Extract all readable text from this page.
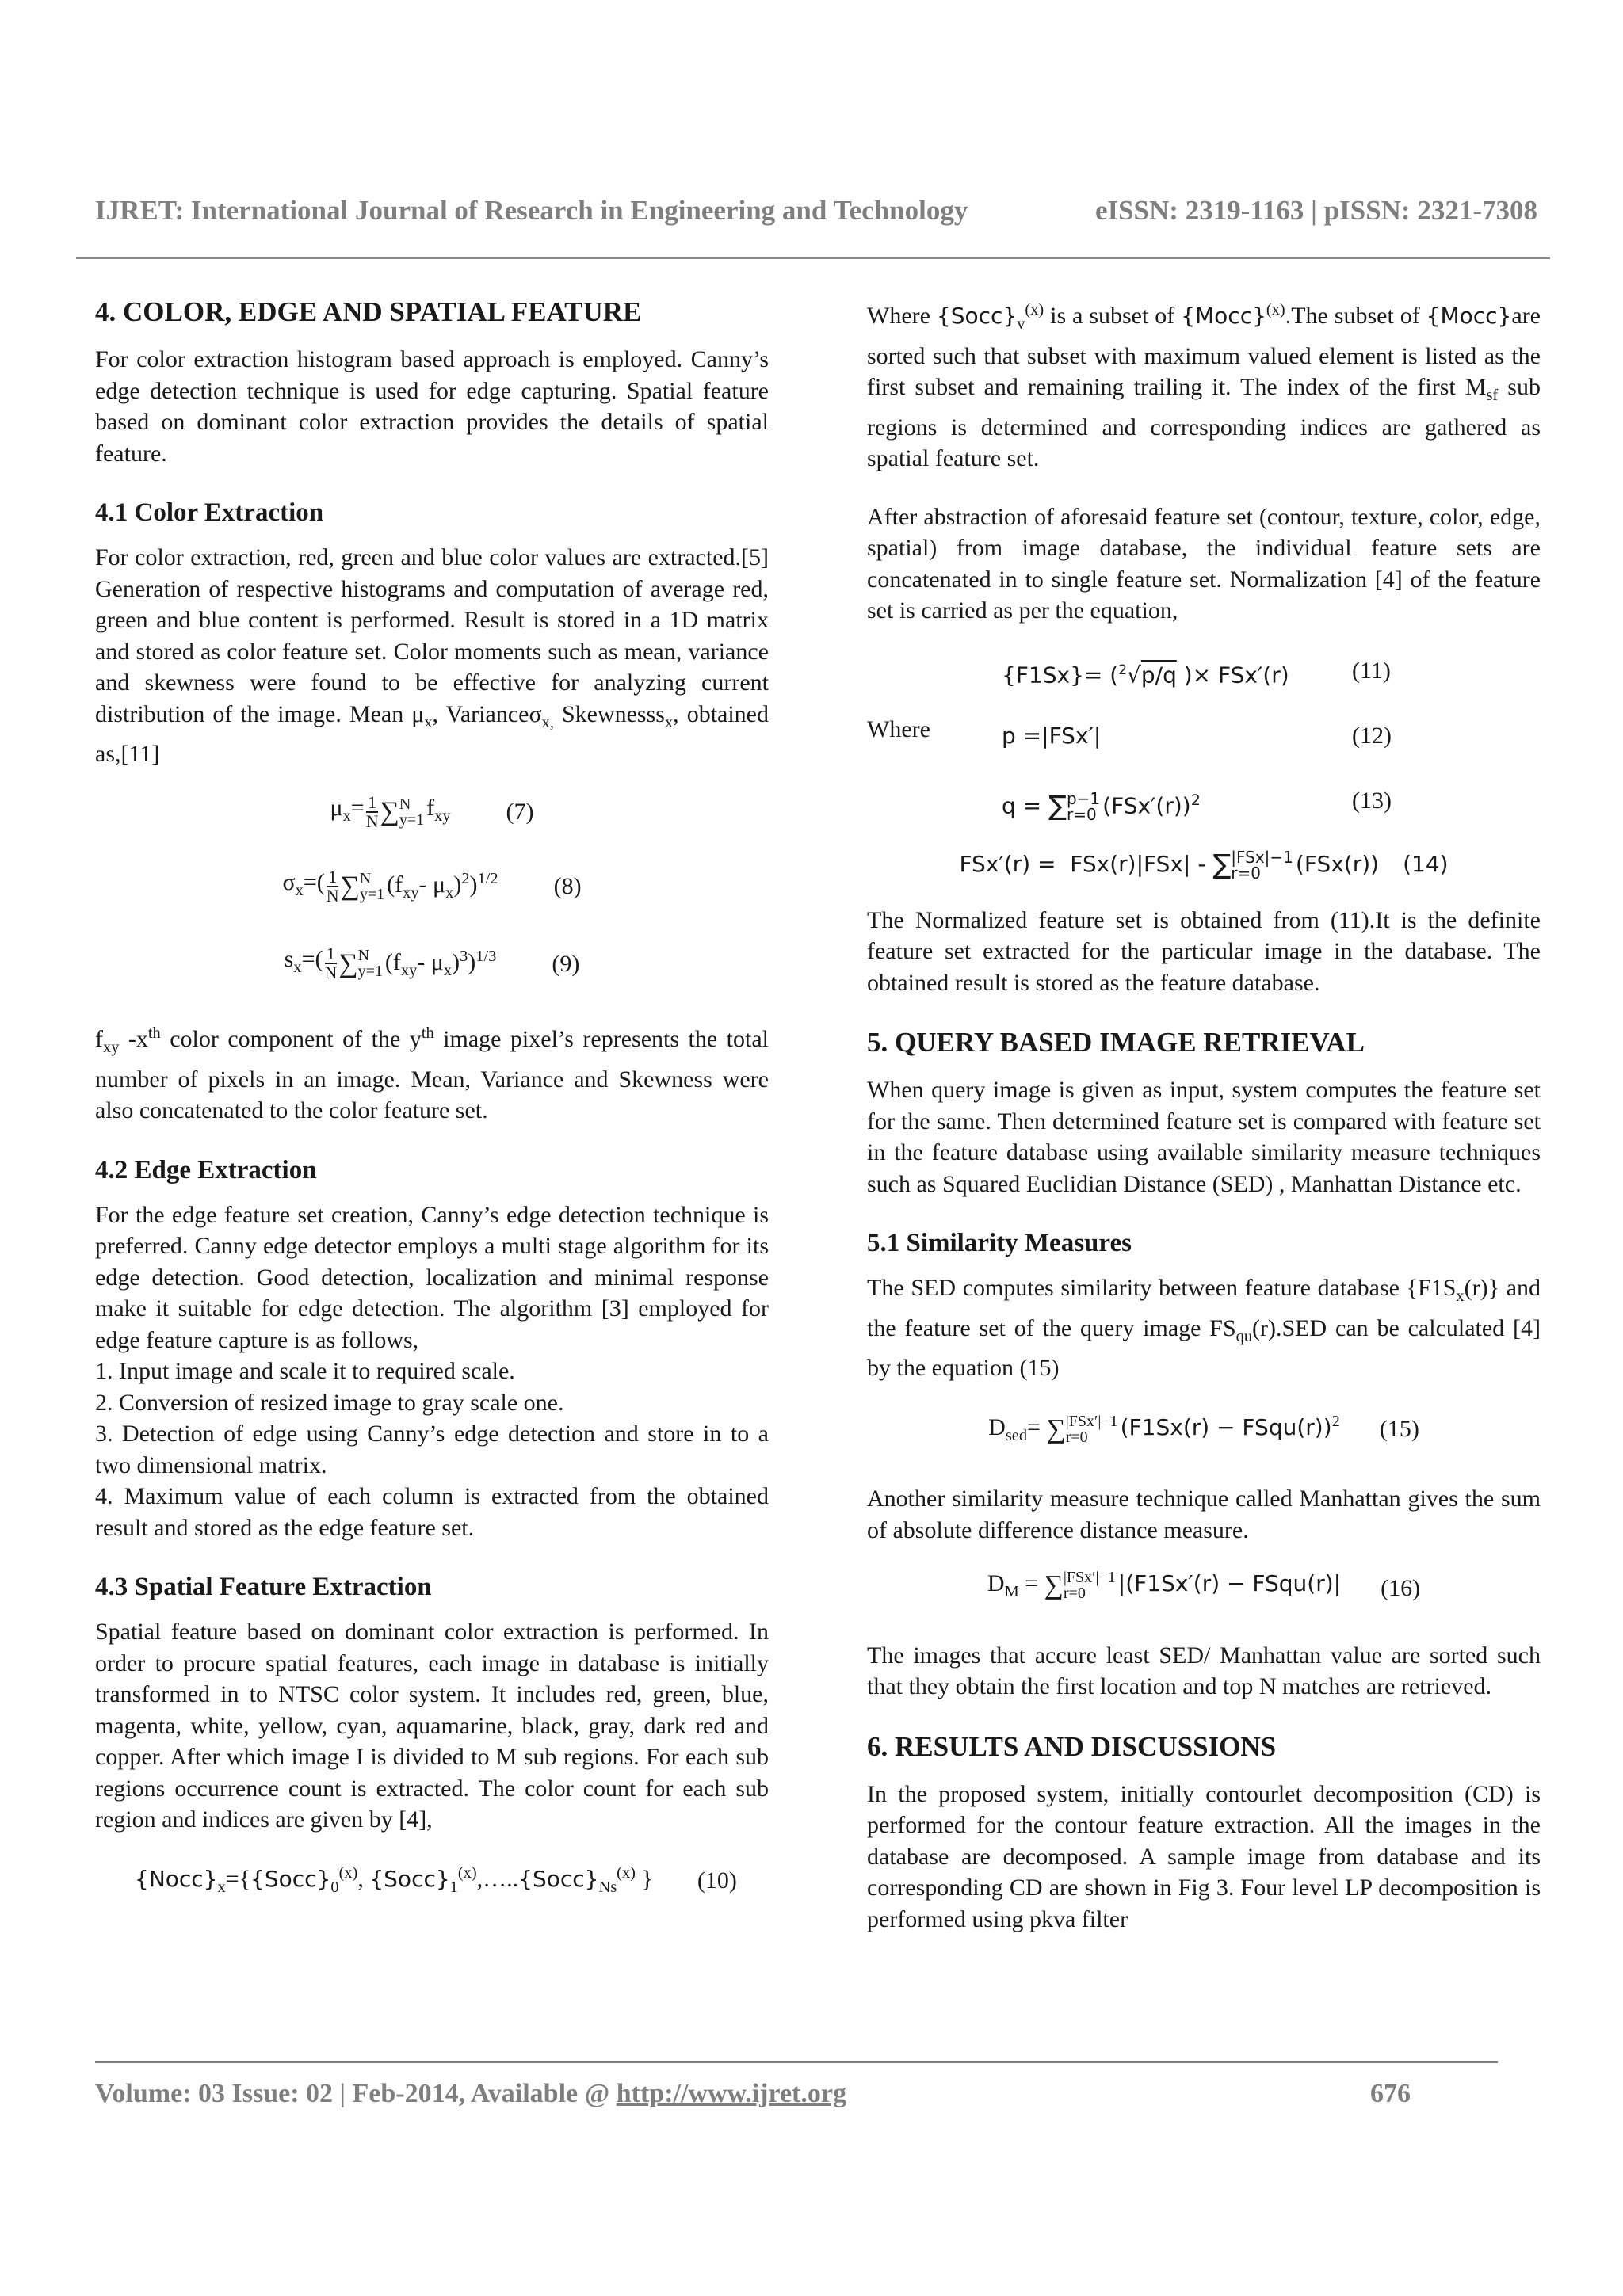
IJRET: International Journal of Research in Engineering and Technology	eISSN: 2319-1163 | pISSN: 2321-7308
4. COLOR, EDGE AND SPATIAL FEATURE

For color extraction histogram based approach is employed. Canny’s edge detection technique is used for edge capturing. Spatial feature based on dominant color extraction provides the details of spatial feature.

4.1 Color Extraction

For color extraction, red, green and blue color values are extracted.[5] Generation of respective histograms and computation of average red, green and blue content is performed. Result is stored in a 1D matrix and stored as color feature set. Color moments such as mean, variance and skewness were found to be effective for analyzing current distribution of the image. Mean $\mu_x$, Varianceσ$_{x,}$ Skewnesss$_x$, obtained as,[11]

$\mu_x= \frac{1}{N}$ ∑ N
y=1 $f_{xy}$ (7)
$\sigma_x=( \frac{1}{N}$ ∑ N
y=1 ($f_{xy}-$ $\mu_x)^2)^{1/2}$ (8)
$s_x=( \frac{1}{N}$ ∑ N
y=1 ($f_{xy}-$ $\mu_x)^3)^{1/3}$ (9)

$f_{xy}$ $-x^{th}$ color component of the $y^{th}$ image pixel’s represents the total number of pixels in an image. Mean, Variance and Skewness were also concatenated to the color feature set.

4.2 Edge Extraction

For the edge feature set creation, Canny’s edge detection technique is preferred. Canny edge detector employs a multi stage algorithm for its edge detection. Good detection, localization and minimal response make it suitable for edge detection. The algorithm [3] employed for edge feature capture is as follows,

1. Input image and scale it to required scale.
2. Conversion of resized image to gray scale one.
3. Detection of edge using Canny’s edge detection and store in to a two dimensional matrix.
4. Maximum value of each column is extracted from the obtained result and stored as the edge feature set.
4.3 Spatial Feature Extraction

Spatial feature based on dominant color extraction is performed. In order to procure spatial features, each image in database is initially transformed in to NTSC color system. It includes red, green, blue, magenta, white, yellow, cyan, aquamarine, black, gray, dark red and copper. After which image I is divided to M sub regions. For each sub regions occurrence count is extracted. The color count for each sub region and indices are given by [4],

$\{Nocc\}_x=\{\{Socc\}_0^{(x)}$, $\{Socc\}_1^{(x)},\dots..\{Socc\}_{Ns}^{(x)}$ } (10)

Where $\{Socc\}_v^{(x)}$ is a subset of {Mocc}$^{(x)}$.The subset of {Mocc}are sorted such that subset with maximum valued element is listed as the first subset and remaining trailing it. The index of the first $M_{sf}$ sub regions is determined and corresponding indices are gathered as spatial feature set.

After abstraction of aforesaid feature set (contour, texture, color, edge, spatial) from image database, the individual feature sets are concatenated in to single feature set. Normalization [4] of the feature set is carried as per the equation,

Where
{F1Sx}= ($^2$√p/q )× FSx′(r)	(11)
p =|FSx′|	(12)
q = ∑ p−1
r=0 $(FSx'(r))^2$	(13)
FSx′(r) =  FSx(r)|FSx| - ∑ |FSx|−1
r=0	(FSx(r)) (14)

The Normalized feature set is obtained from (11).It is the definite feature set extracted for the particular image in the database. The obtained result is stored as the feature database.

5. QUERY BASED IMAGE RETRIEVAL

When query image is given as input, system computes the feature set for the same. Then determined feature set is compared with feature set in the feature database using available similarity measure techniques such as Squared Euclidian Distance (SED) , Manhattan Distance etc.

5.1 Similarity Measures

The SED computes similarity between feature database $\{F1S_x(r)\}$ and the feature set of the query image $FS_{qu}(r).SED$ can be calculated [4] by the equation (15)

$D_{sed}=$ ∑ |FSx′|−1
r=0	(F1Sx(r) − FSqu(r))$^2$ (15)

Another similarity measure technique called Manhattan gives the sum of absolute difference distance measure.

$D_M$ = ∑ |FSx′|−1
r=0	|(F1Sx′(r) − FSqu(r)| (16)

The images that accure least SED/ Manhattan value are sorted such that they obtain the first location and top N matches are retrieved.

6. RESULTS AND DISCUSSIONS

In the proposed system, initially contourlet decomposition (CD) is performed for the contour feature extraction. All the images in the database are decomposed. A sample image from database and its corresponding CD are shown in Fig 3. Four level LP decomposition is performed using pkva filter

Volume: 03 Issue: 02 | Feb-2014, Available @ http://www.ijret.org	676
